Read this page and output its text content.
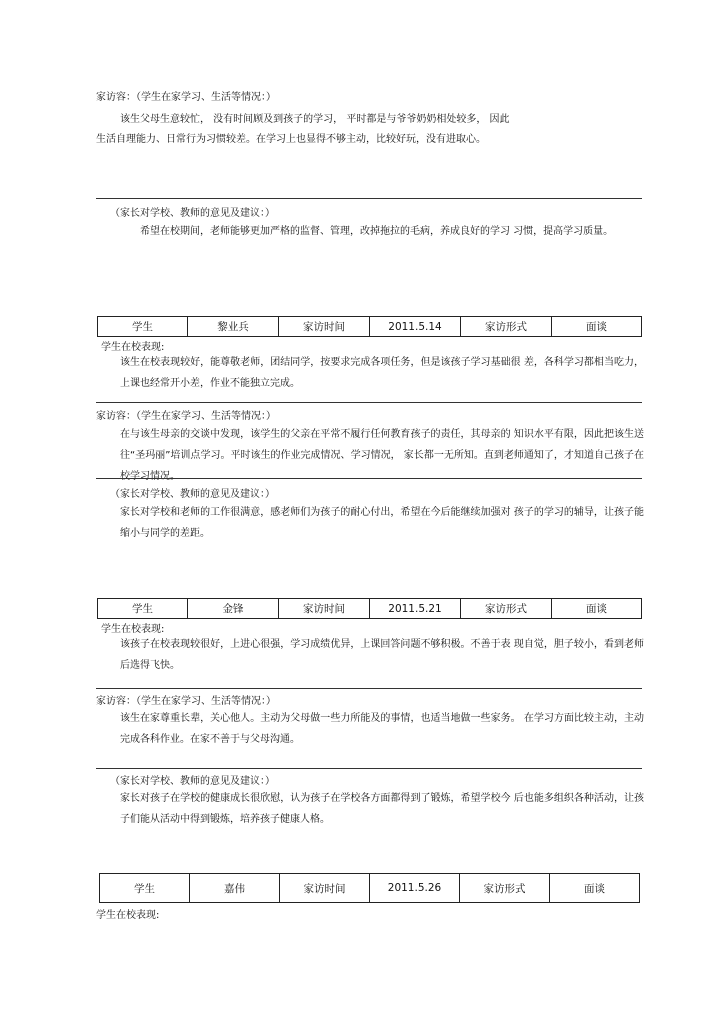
家访容：（学生在家学习、生活等情况：）
该生父母生意较忙， 没有时间顾及到孩子的学习， 平时都是与爷爷奶奶相处较多， 因此
生活自理能力、日常行为习惯较差。在学习上也显得不够主动，比较好玩，没有进取心。
（家长对学校、教师的意见及建议：）
希望在校期间，老师能够更加严格的监督、管理，改掉拖拉的毛病，养成良好的学习 习惯，提高学习质量。
学生	黎业兵	家访时间	2011.5.14	家访形式	面谈
学生在校表现:
该生在校表现较好，能尊敬老师，团结同学，按要求完成各项任务，但是该孩子学习基础很 差，各科学习都相当吃力，上课也经常开小差，作业不能独立完成。
家访容：（学生在家学习、生活等情况：）
在与该生母亲的交谈中发现，该学生的父亲在平常不履行任何教育孩子的责任，其母亲的 知识水平有限，因此把该生送往“圣玛丽”培训点学习。平时该生的作业完成情况、学习情况， 家长都一无所知。直到老师通知了，才知道自己孩子在校学习情况。
（家长对学校、教师的意见及建议：）
家长对学校和老师的工作很满意，感老师们为孩子的耐心付出，希望在今后能继续加强对 孩子的学习的辅导，让孩子能缩小与同学的差距。
学生	金锋	家访时间	2011.5.21	家访形式	面谈
学生在校表现:
该孩子在校表现较很好，上进心很强，学习成绩优异，上课回答问题不够积极。不善于表 现自觉，胆子较小，看到老师后选得飞快。
家访容：（学生在家学习、生活等情况：）
该生在家尊重长辈，关心他人。主动为父母做一些力所能及的事情，也适当地做一些家务。 在学习方面比较主动，主动完成各科作业。在家不善于与父母沟通。
（家长对学校、教师的意见及建议：）
家长对孩子在学校的健康成长很欣慰，认为孩子在学校各方面都得到了锻炼，希望学校今 后也能多组织各种活动，让孩子们能从活动中得到锻炼，培养孩子健康人格。
学生	嘉伟	家访时间	2011.5.26	家访形式	面谈
学生在校表现:
